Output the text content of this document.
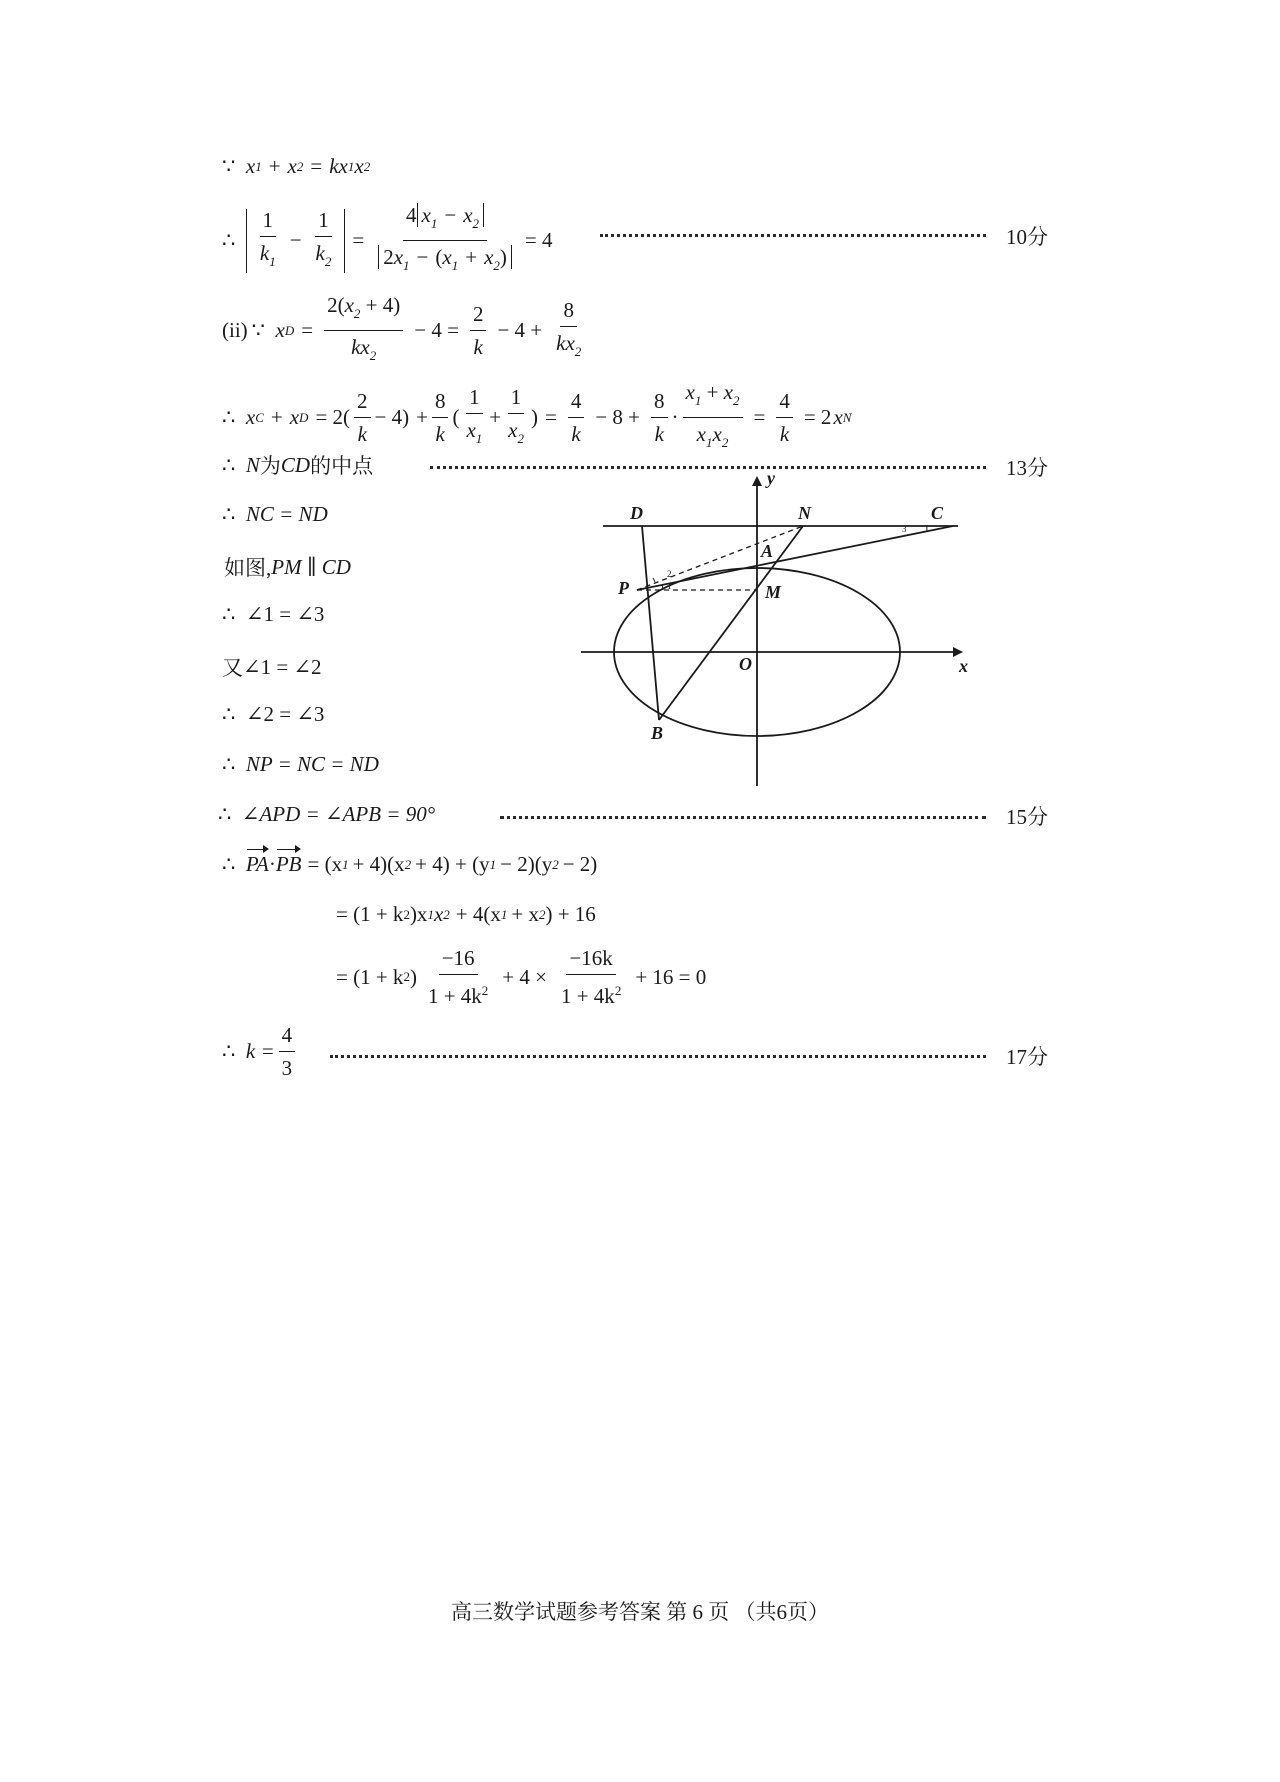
∵
x 1 + x 2 = k x 1 x 2
∴
$\frac{1}{k_1} - \frac{1}{k_2} = \frac{4 x_1 - x_2}{2x_1 - (x_1 + x_2)} = 4$	10分
(ii) ∵
x $D = \frac{2(x_2 + 4)}{kx_2} - 4 = \frac{2}{k} - 4 + \frac{8}{kx_2}$
∴
x C + x $D = 2( \frac{2}{k} - 4) + \frac{8}{k}$ ( $\frac{1}{x_1} + \frac{1}{x_2}$ ) = $\frac{4}{k} - 8 + \frac{8}{k} \cdot \frac{x_1 + x_2}{x_1x_2} = \frac{4}{k} = 2$ x N
∴
N 为 CD 的中点	13分
∴
NC = ND
如图, PM
∥
CD
∴
∠1 = ∠3
又 ∠1 = ∠2
∴
∠2 = ∠3
∴
NP = NC = ND
∴
∠APD = ∠APB = 90°	15分
∴
PA · PB = (x 1 + 4)(x 2 + 4) + (y 1 − 2)(y 2 − 2)
= (1 + k 2 )x 1 x 2 + 4(x 1 + x 2 ) + 16
= (1 + k 2 ) $\frac{-16}{1 + 4k^2} + 4 \times \frac{-16k}{1 + 4k^2} + 16 = 0$
∴
$k = \frac{4}{3}$	17分
y
x
O
D	N	C
A
P	M
B
1
2
3
高三数学试题参考答案 第 6 页 （共6页）
